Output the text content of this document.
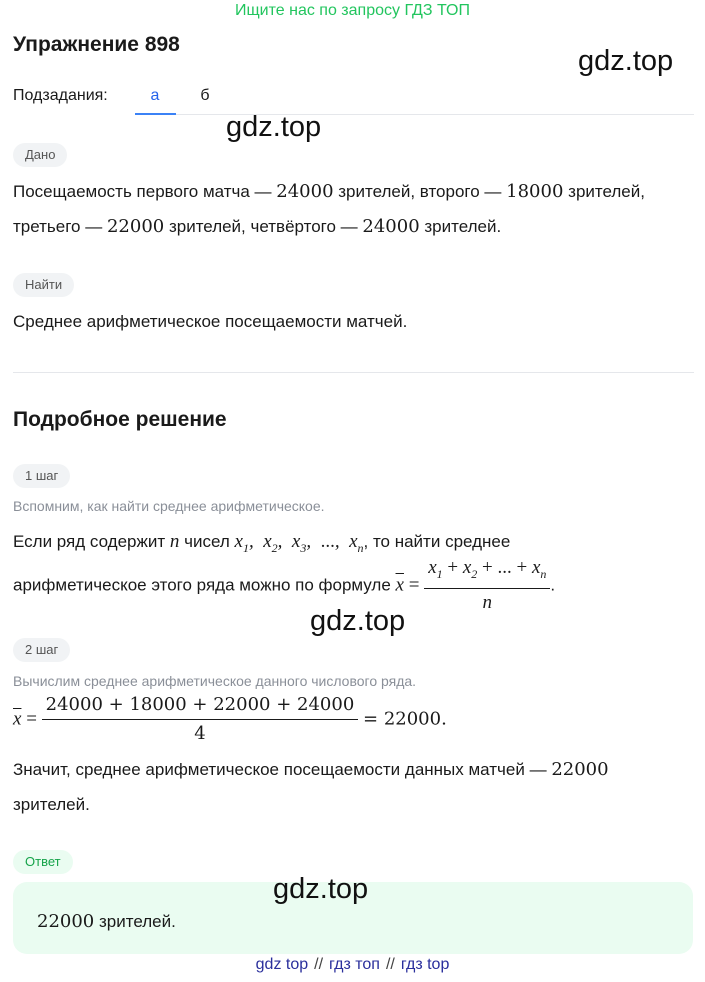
Ищите нас по запросу ГДЗ ТОП
Упражнение 898
gdz.top
Подзадания:	а	б
gdz.top
Дано
Посещаемость первого матча — 24000 зрителей, второго — 18000 зрителей,
третьего — 22000 зрителей, четвёртого — 24000 зрителей.
Найти
Среднее арифметическое посещаемости матчей.
Подробное решение
1 шаг
Вспомним, как найти среднее арифметическое.
Если ряд содержит n чисел $x_1$,  $x_2$,  $x_3$,  ...,  $x_n$, то найти среднее
арифметическое этого ряда можно по формуле $\overline{x} = \frac{x_1 + x_2 + ... + x_n}{n}$ .
gdz.top
2 шаг
Вычислим среднее арифметическое данного числового ряда.
$\overline{x} = \frac{24000 + 18000 + 22000 + 24000}{4} = 22000$.
Значит, среднее арифметическое посещаемости данных матчей — 22000
зрителей.
Ответ
gdz.top
22000 зрителей.
gdz top // гдз топ // гдз top
